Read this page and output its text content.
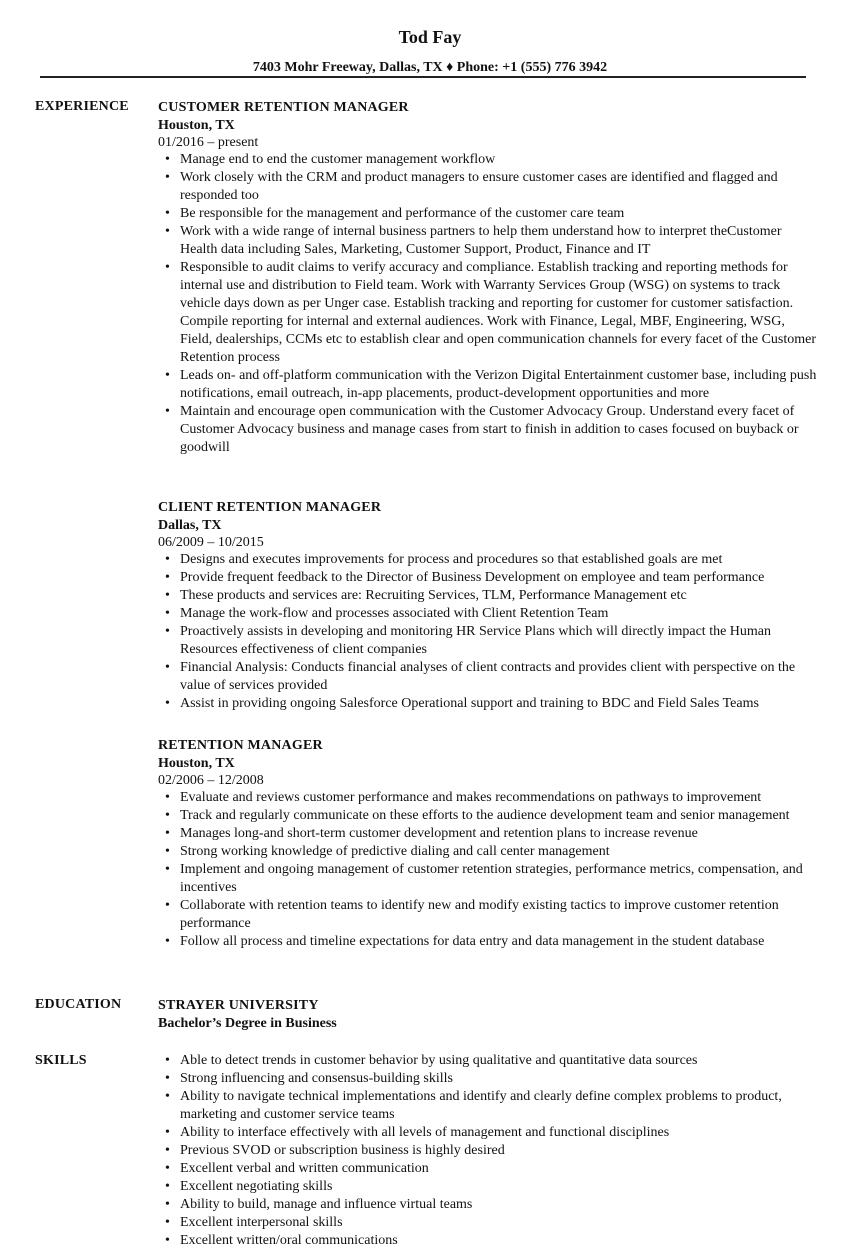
Tod Fay
7403 Mohr Freeway, Dallas, TX ♦ Phone: +1 (555) 776 3942
EXPERIENCE CUSTOMER RETENTION MANAGER
Houston, TX
01/2016 – present
• Manage end to end the customer management workflow
• Work closely with the CRM and product managers to ensure customer cases are identified and flagged and responded too
• Be responsible for the management and performance of the customer care team
• Work with a wide range of internal business partners to help them understand how to interpret theCustomer Health data including Sales, Marketing, Customer Support, Product, Finance and IT
• Responsible to audit claims to verify accuracy and compliance. Establish tracking and reporting methods for internal use and distribution to Field team. Work with Warranty Services Group (WSG) on systems to track vehicle days down as per Unger case. Establish tracking and reporting for customer for customer satisfaction. Compile reporting for internal and external audiences. Work with Finance, Legal, MBF, Engineering, WSG, Field, dealerships, CCMs etc to establish clear and open communication channels for every facet of the Customer Retention process
• Leads on- and off-platform communication with the Verizon Digital Entertainment customer base, including push notifications, email outreach, in-app placements, product-development opportunities and more
• Maintain and encourage open communication with the Customer Advocacy Group. Understand every facet of Customer Advocacy business and manage cases from start to finish in addition to cases focused on buyback or goodwill
CLIENT RETENTION MANAGER
Dallas, TX
06/2009 – 10/2015
• Designs and executes improvements for process and procedures so that established goals are met
• Provide frequent feedback to the Director of Business Development on employee and team performance
• These products and services are: Recruiting Services, TLM, Performance Management etc
• Manage the work-flow and processes associated with Client Retention Team
• Proactively assists in developing and monitoring HR Service Plans which will directly impact the Human Resources effectiveness of client companies
• Financial Analysis: Conducts financial analyses of client contracts and provides client with perspective on the value of services provided
• Assist in providing ongoing Salesforce Operational support and training to BDC and Field Sales Teams
RETENTION MANAGER
Houston, TX
02/2006 – 12/2008
• Evaluate and reviews customer performance and makes recommendations on pathways to improvement
• Track and regularly communicate on these efforts to the audience development team and senior management
• Manages long-and short-term customer development and retention plans to increase revenue
• Strong working knowledge of predictive dialing and call center management
• Implement and ongoing management of customer retention strategies, performance metrics, compensation, and incentives
• Collaborate with retention teams to identify new and modify existing tactics to improve customer retention performance
• Follow all process and timeline expectations for data entry and data management in the student database
EDUCATION	STRAYER UNIVERSITY
Bachelor’s Degree in Business
SKILLS
•	Able to detect trends in customer behavior by using qualitative and quantitative data sources
• Strong influencing and consensus-building skills
• Ability to navigate technical implementations and identify and clearly define complex problems to product, marketing and customer service teams
• Ability to interface effectively with all levels of management and functional disciplines
• Previous SVOD or subscription business is highly desired
• Excellent verbal and written communication
• Excellent negotiating skills
• Ability to build, manage and influence virtual teams
• Excellent interpersonal skills
• Excellent written/oral communications
